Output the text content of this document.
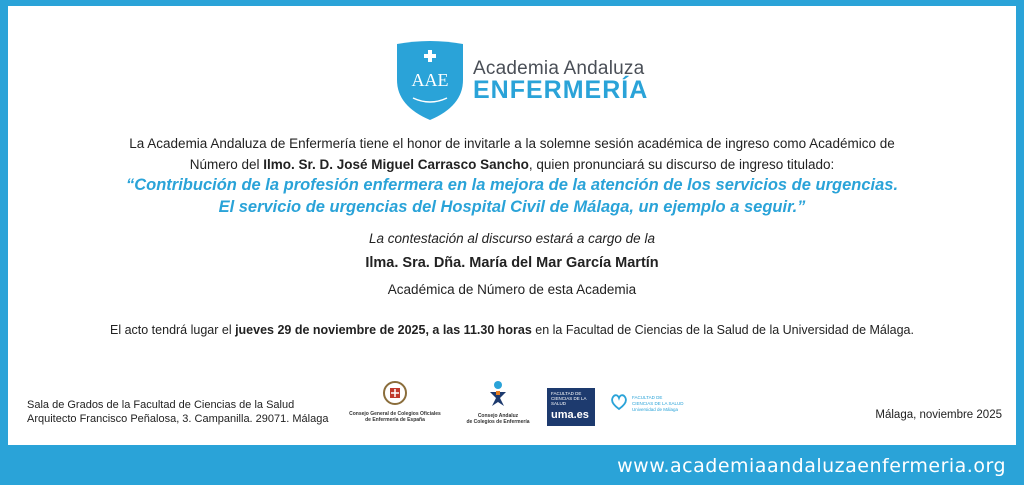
AAE
Academia Andaluza
ENFERMERÍA
La Academia Andaluza de Enfermería tiene el honor de invitarle a la solemne sesión académica de ingreso como Académico de
Número del Ilmo. Sr. D. José Miguel Carrasco Sancho, quien pronunciará su discurso de ingreso titulado:
“Contribución de la profesión enfermera en la mejora de la atención de los servicios de urgencias.
El servicio de urgencias del Hospital Civil de Málaga, un ejemplo a seguir.”
La contestación al discurso estará a cargo de la
Ilma. Sra. Dña. María del Mar García Martín
Académica de Número de esta Academia
El acto tendrá lugar el jueves 29 de noviembre de 2025, a las 11.30 horas en la Facultad de Ciencias de la Salud de la Universidad de Málaga.
Sala de Grados de la Facultad de Ciencias de la Salud
Arquitecto Francisco Peñalosa, 3. Campanilla. 29071. Málaga	Consejo General de Colegios Oficiales
de Enfermería de España
Consejo Andaluz
de Colegios de Enfermería
FACULTAD DE CIENCIAS DE LA SALUD
uma.es
FACULTAD DE
CIENCIAS DE LA SALUD
Universidad de Málaga	Málaga, noviembre 2025
www.academiaandaluzaenfermeria.org
